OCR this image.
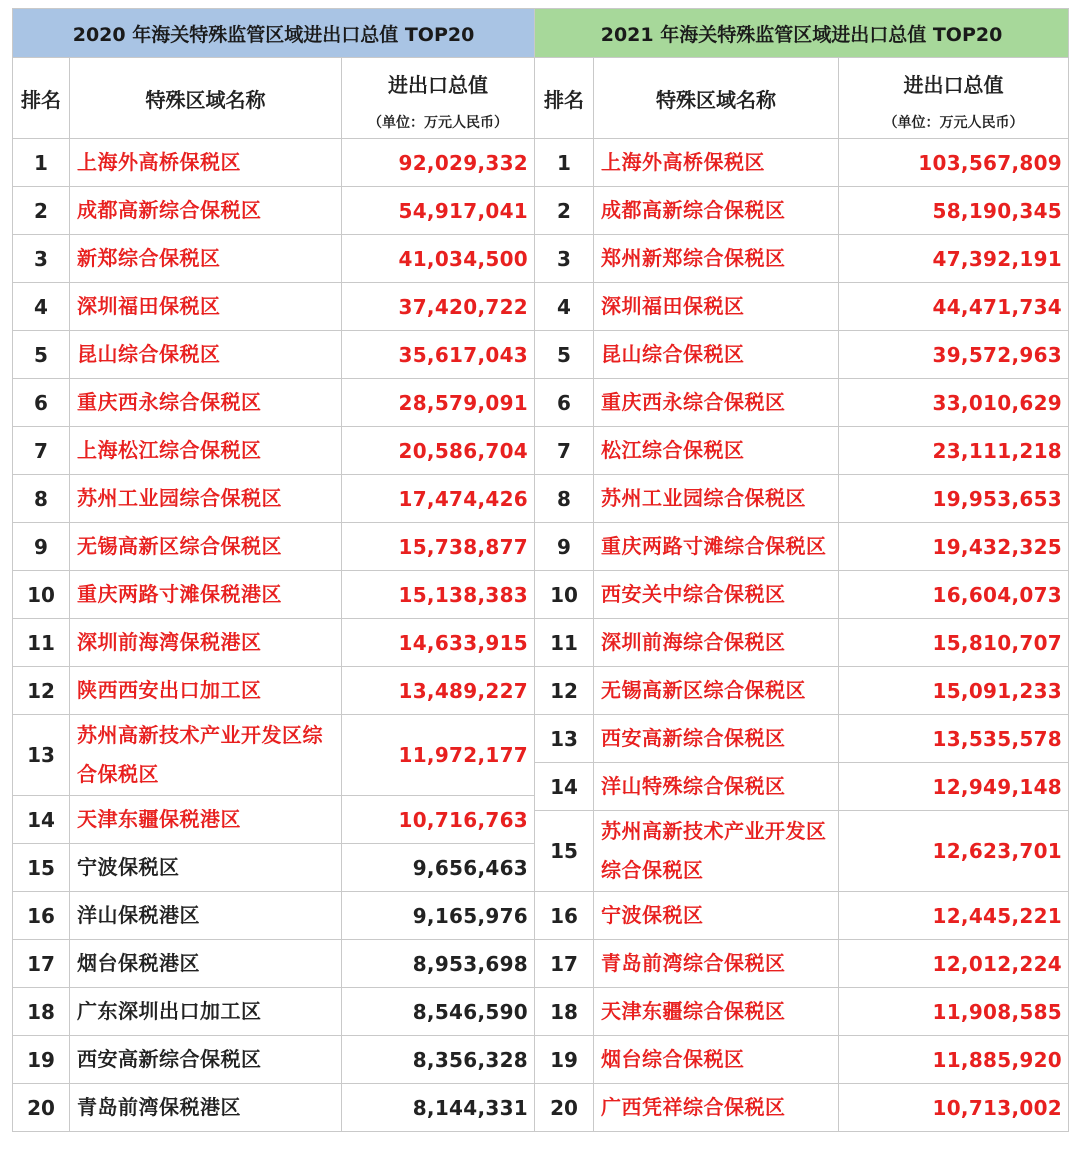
2020 年海关特殊监管区域进出口总值 TOP20		
排名	特殊区域名称	进出口总值
（单位：万元人民币）

1	上海外高桥保税区	92,029,332
2	成都高新综合保税区	54,917,041
3	新郑综合保税区	41,034,500
4	深圳福田保税区	37,420,722
5	昆山综合保税区	35,617,043
6	重庆西永综合保税区	28,579,091
7	上海松江综合保税区	20,586,704
8	苏州工业园综合保税区	17,474,426
9	无锡高新区综合保税区	15,738,877
10	重庆两路寸滩保税港区	15,138,383
11	深圳前海湾保税港区	14,633,915
12	陕西西安出口加工区	13,489,227
13	苏州高新技术产业开发区综合保税区	11,972,177
14	天津东疆保税港区	10,716,763
15	宁波保税区	9,656,463
16	洋山保税港区	9,165,976
17	烟台保税港区	8,953,698
18	广东深圳出口加工区	8,546,590
19	西安高新综合保税区	8,356,328
20	青岛前湾保税港区	8,144,331
2021 年海关特殊监管区域进出口总值 TOP20		
排名	特殊区域名称	进出口总值
（单位：万元人民币）

1	上海外高桥保税区	103,567,809
2	成都高新综合保税区	58,190,345
3	郑州新郑综合保税区	47,392,191
4	深圳福田保税区	44,471,734
5	昆山综合保税区	39,572,963
6	重庆西永综合保税区	33,010,629
7	松江综合保税区	23,111,218
8	苏州工业园综合保税区	19,953,653
9	重庆两路寸滩综合保税区	19,432,325
10	西安关中综合保税区	16,604,073
11	深圳前海综合保税区	15,810,707
12	无锡高新区综合保税区	15,091,233
13	西安高新综合保税区	13,535,578
14	洋山特殊综合保税区	12,949,148
15	苏州高新技术产业开发区综合保税区	12,623,701
16	宁波保税区	12,445,221
17	青岛前湾综合保税区	12,012,224
18	天津东疆综合保税区	11,908,585
19	烟台综合保税区	11,885,920
20	广西凭祥综合保税区	10,713,002
